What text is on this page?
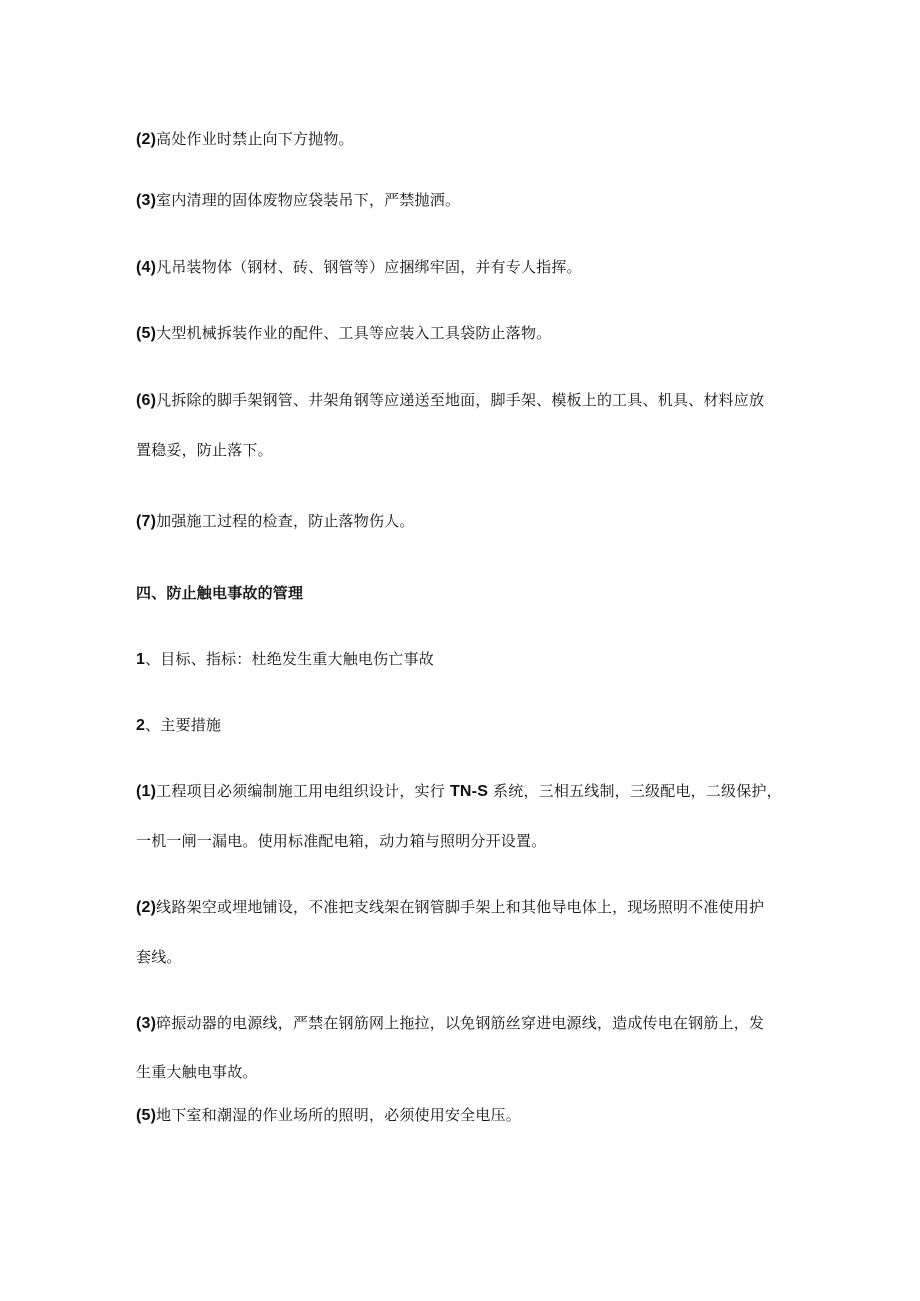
(2)高处作业时禁止向下方抛物。
(3)室内清理的固体废物应袋装吊下，严禁抛洒。
(4)凡吊装物体（钢材、砖、钢管等）应捆绑牢固，并有专人指挥。
(5)大型机械拆装作业的配件、工具等应装入工具袋防止落物。
(6)凡拆除的脚手架钢管、井架角钢等应递送至地面，脚手架、模板上的工具、机具、材料应放
置稳妥，防止落下。
(7)加强施工过程的检查，防止落物伤人。
四、防止触电事故的管理
1、目标、指标：杜绝发生重大触电伤亡事故
2、主要措施
(1)工程项目必须编制施工用电组织设计，实行 TN-S 系统，三相五线制，三级配电，二级保护，
一机一闸一漏电。使用标准配电箱，动力箱与照明分开设置。
(2)线路架空或埋地铺设，不准把支线架在钢管脚手架上和其他导电体上，现场照明不准使用护
套线。
(3)碎振动器的电源线，严禁在钢筋网上拖拉，以免钢筋丝穿进电源线，造成传电在钢筋上，发
生重大触电事故。
(5)地下室和潮湿的作业场所的照明，必须使用安全电压。
